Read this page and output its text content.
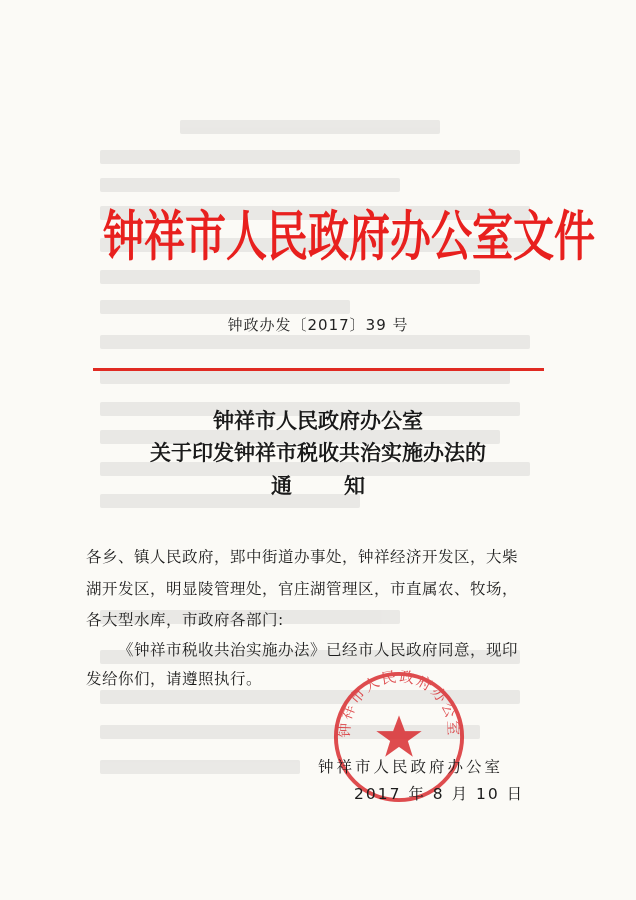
钟祥市人民政府办公室文件
钟政办发〔2017〕39 号
钟祥市人民政府办公室
关于印发钟祥市税收共治实施办法的
通知
各乡、镇人民政府，郢中街道办事处，钟祥经济开发区，大柴
湖开发区，明显陵管理处，官庄湖管理区，市直属农、牧场，
各大型水库，市政府各部门:
《钟祥市税收共治实施办法》已经市人民政府同意，现印
发给你们，请遵照执行。
钟祥市人民政府办公室
钟祥市人民政府办公室
2017 年 8 月 10 日
